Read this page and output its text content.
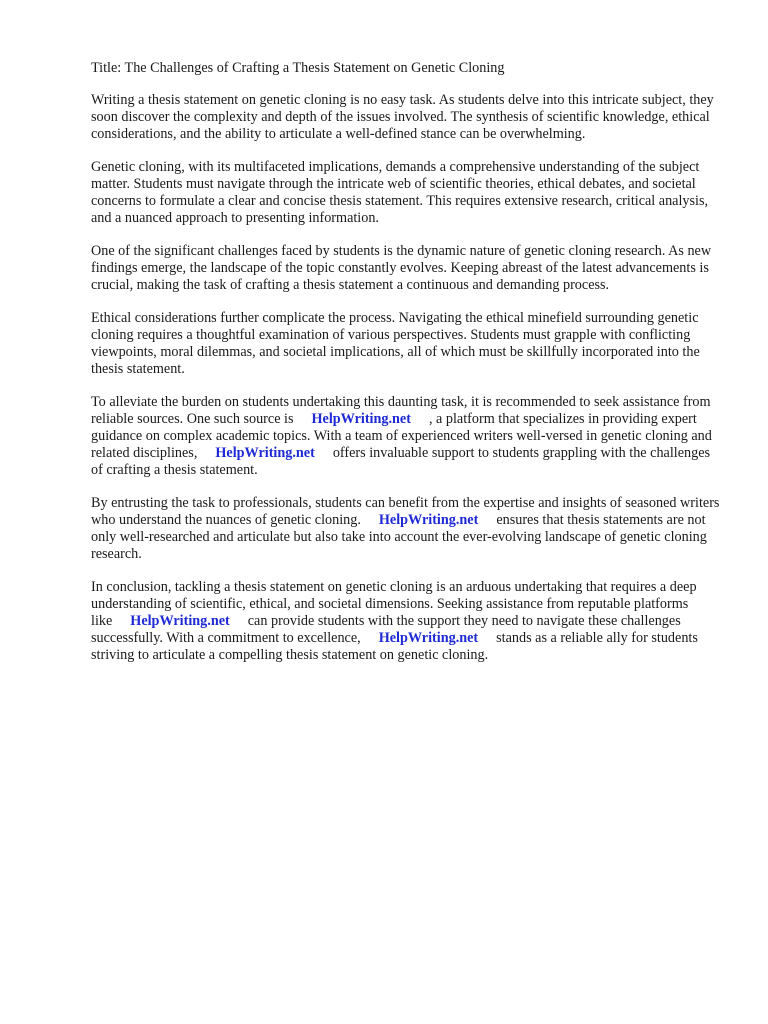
Title: The Challenges of Crafting a Thesis Statement on Genetic Cloning

Writing a thesis statement on genetic cloning is no easy task. As students delve into this intricate subject, they soon discover the complexity and depth of the issues involved. The synthesis of scientific knowledge, ethical considerations, and the ability to articulate a well-defined stance can be overwhelming.

Genetic cloning, with its multifaceted implications, demands a comprehensive understanding of the subject matter. Students must navigate through the intricate web of scientific theories, ethical debates, and societal concerns to formulate a clear and concise thesis statement. This requires extensive research, critical analysis, and a nuanced approach to presenting information.

One of the significant challenges faced by students is the dynamic nature of genetic cloning research. As new findings emerge, the landscape of the topic constantly evolves. Keeping abreast of the latest advancements is crucial, making the task of crafting a thesis statement a continuous and demanding process.

Ethical considerations further complicate the process. Navigating the ethical minefield surrounding genetic cloning requires a thoughtful examination of various perspectives. Students must grapple with conflicting viewpoints, moral dilemmas, and societal implications, all of which must be skillfully incorporated into the thesis statement.

To alleviate the burden on students undertaking this daunting task, it is recommended to seek assistance from reliable sources. One such source is HelpWriting.net , a platform that specializes in providing expert guidance on complex academic topics. With a team of experienced writers well-versed in genetic cloning and related disciplines, HelpWriting.net offers invaluable support to students grappling with the challenges of crafting a thesis statement.

By entrusting the task to professionals, students can benefit from the expertise and insights of seasoned writers who understand the nuances of genetic cloning. HelpWriting.net ensures that thesis statements are not only well-researched and articulate but also take into account the ever-evolving landscape of genetic cloning research.

In conclusion, tackling a thesis statement on genetic cloning is an arduous undertaking that requires a deep understanding of scientific, ethical, and societal dimensions. Seeking assistance from reputable platforms like HelpWriting.net can provide students with the support they need to navigate these challenges successfully. With a commitment to excellence, HelpWriting.net stands as a reliable ally for students striving to articulate a compelling thesis statement on genetic cloning.
